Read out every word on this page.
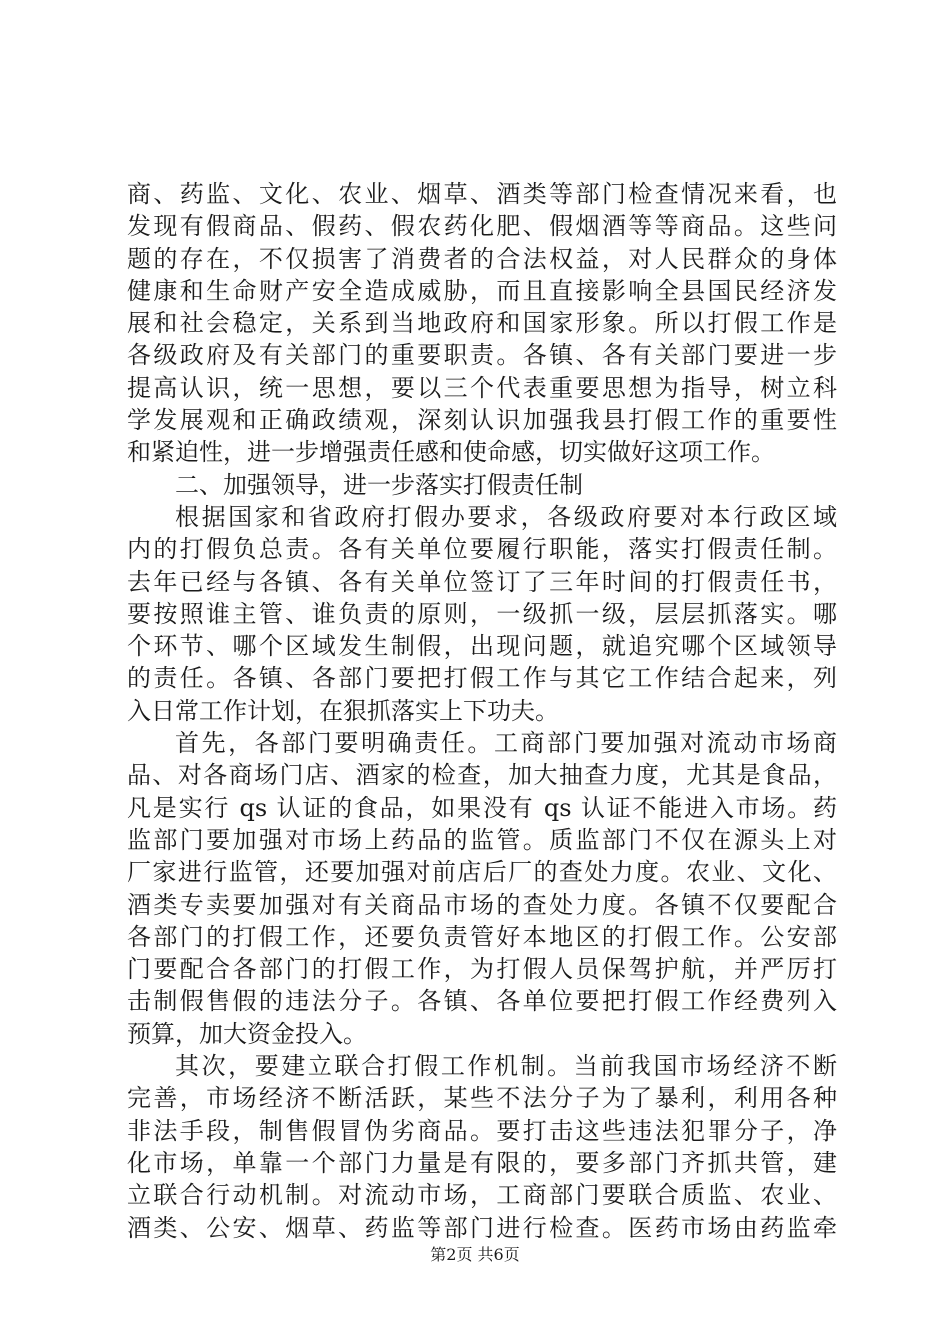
商、药监、文化、农业、烟草、酒类等部门检查情况来看，也
发现有假商品、假药、假农药化肥、假烟酒等等商品。这些问
题的存在，不仅损害了消费者的合法权益，对人民群众的身体
健康和生命财产安全造成威胁，而且直接影响全县国民经济发
展和社会稳定，关系到当地政府和国家形象。所以打假工作是
各级政府及有关部门的重要职责。各镇、各有关部门要进一步
提高认识，统一思想，要以三个代表重要思想为指导，树立科
学发展观和正确政绩观，深刻认识加强我县打假工作的重要性
和紧迫性，进一步增强责任感和使命感，切实做好这项工作。
二、加强领导，进一步落实打假责任制
根据国家和省政府打假办要求，各级政府要对本行政区域
内的打假负总责。各有关单位要履行职能，落实打假责任制。
去年已经与各镇、各有关单位签订了三年时间的打假责任书，
要按照谁主管、谁负责的原则，一级抓一级，层层抓落实。哪
个环节、哪个区域发生制假，出现问题，就追究哪个区域领导
的责任。各镇、各部门要把打假工作与其它工作结合起来，列
入日常工作计划，在狠抓落实上下功夫。
首先，各部门要明确责任。工商部门要加强对流动市场商
品、对各商场门店、酒家的检查，加大抽查力度，尤其是食品，
凡是实行 qs 认证的食品，如果没有 qs 认证不能进入市场。药
监部门要加强对市场上药品的监管。质监部门不仅在源头上对
厂家进行监管，还要加强对前店后厂的查处力度。农业、文化、
酒类专卖要加强对有关商品市场的查处力度。各镇不仅要配合
各部门的打假工作，还要负责管好本地区的打假工作。公安部
门要配合各部门的打假工作，为打假人员保驾护航，并严厉打
击制假售假的违法分子。各镇、各单位要把打假工作经费列入
预算，加大资金投入。
其次，要建立联合打假工作机制。当前我国市场经济不断
完善，市场经济不断活跃，某些不法分子为了暴利，利用各种
非法手段，制售假冒伪劣商品。要打击这些违法犯罪分子，净
化市场，单靠一个部门力量是有限的，要多部门齐抓共管，建
立联合行动机制。对流动市场，工商部门要联合质监、农业、
酒类、公安、烟草、药监等部门进行检查。医药市场由药监牵
第2页 共6页
